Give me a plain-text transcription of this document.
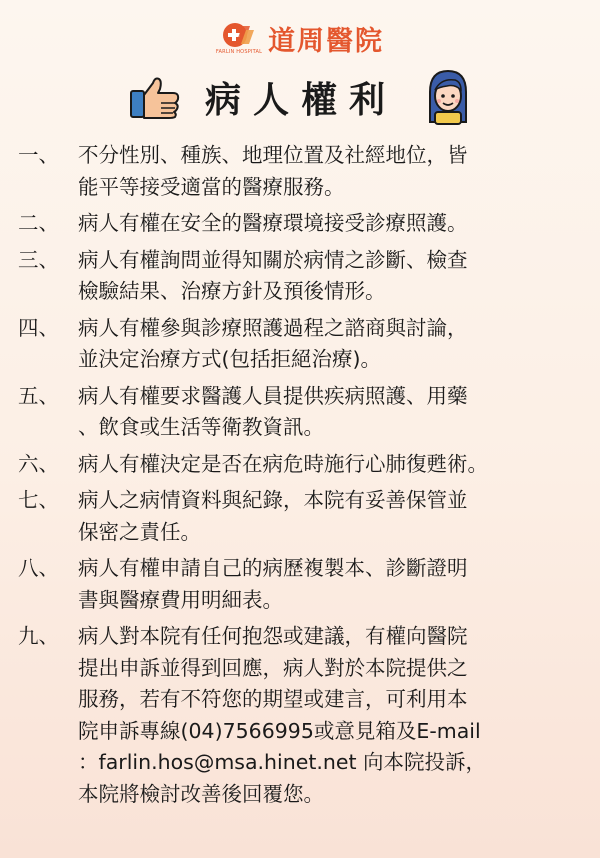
FARLIN HOSPITAL 道周醫院
病人權利
一、 不分性別、種族、地理位置及社經地位，皆
能平等接受適當的醫療服務。
二、 病人有權在安全的醫療環境接受診療照護。
三、 病人有權詢問並得知關於病情之診斷、檢查
檢驗結果、治療方針及預後情形。
四、 病人有權參與診療照護過程之諮商與討論，
並決定治療方式(包括拒絕治療)。
五、 病人有權要求醫護人員提供疾病照護、用藥
、飲食或生活等衛教資訊。
六、 病人有權決定是否在病危時施行心肺復甦術。
七、 病人之病情資料與紀錄，本院有妥善保管並
保密之責任。
八、 病人有權申請自己的病歷複製本、診斷證明
書與醫療費用明細表。
九、 病人對本院有任何抱怨或建議，有權向醫院
提出申訴並得到回應，病人對於本院提供之
服務，若有不符您的期望或建言，可利用本
院申訴專線(04)7566995或意見箱及E-mail
：farlin.hos@msa.hinet.net 向本院投訴，
本院將檢討改善後回覆您。
